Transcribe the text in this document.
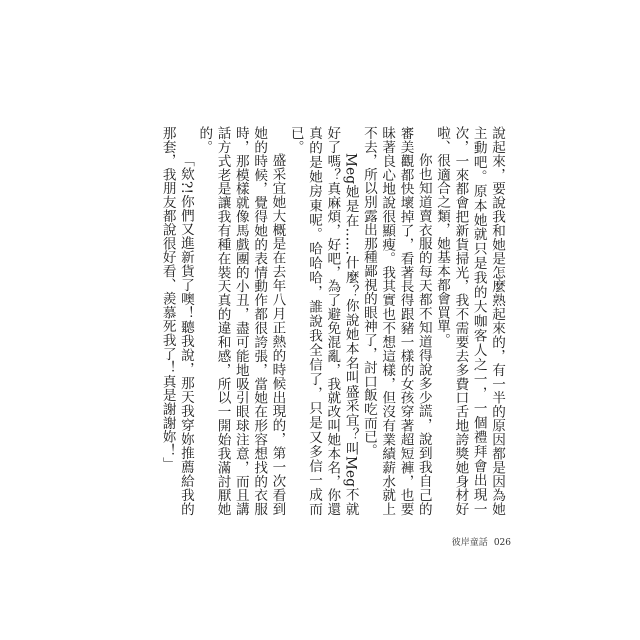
說起來，要說我和她是怎麼熟起來的，有一半的原因都是因為她主動吧。原本她就只是我的大咖客人之一，一個禮拜會出現一次，一來都會把新貨掃光，我不需要去多費口舌地誇獎她身材好啦、很適合之類，她基本都會買單。

你也知道賣衣服的每天都不知道得說多少謊，說到我自己的審美觀都快壞掉了，看著長得跟豬一樣的女孩穿著超短褲，也要昧著良心地說很顯瘦。我其實也不想這樣，但沒有業績薪水就上不去，所以別露出那種鄙視的眼神了，討口飯吃而已。

Meg她是在……什麼？你說她本名叫盛采宜？叫Meg不就好了嗎？真麻煩，好吧，為了避免混亂，我就改叫她本名，你還真的是她房東呢。哈哈哈，誰說我全信了，只是又多信一成而已。

盛采宜她大概是在去年八月正熱的時候出現的，第一次看到她的時候，覺得她的表情動作都很誇張，當她在形容想找的衣服時，那模樣就像馬戲團的小丑，盡可能地吸引眼球注意，而且講話方式老是讓我有種在裝天真的違和感，所以一開始我滿討厭她的。

「欸?!你們又進新貨了噢！聽我說，那天我穿妳推薦給我的那套，我朋友都說很好看、羨慕死我了！真是謝謝妳！」

彼岸童話 026
